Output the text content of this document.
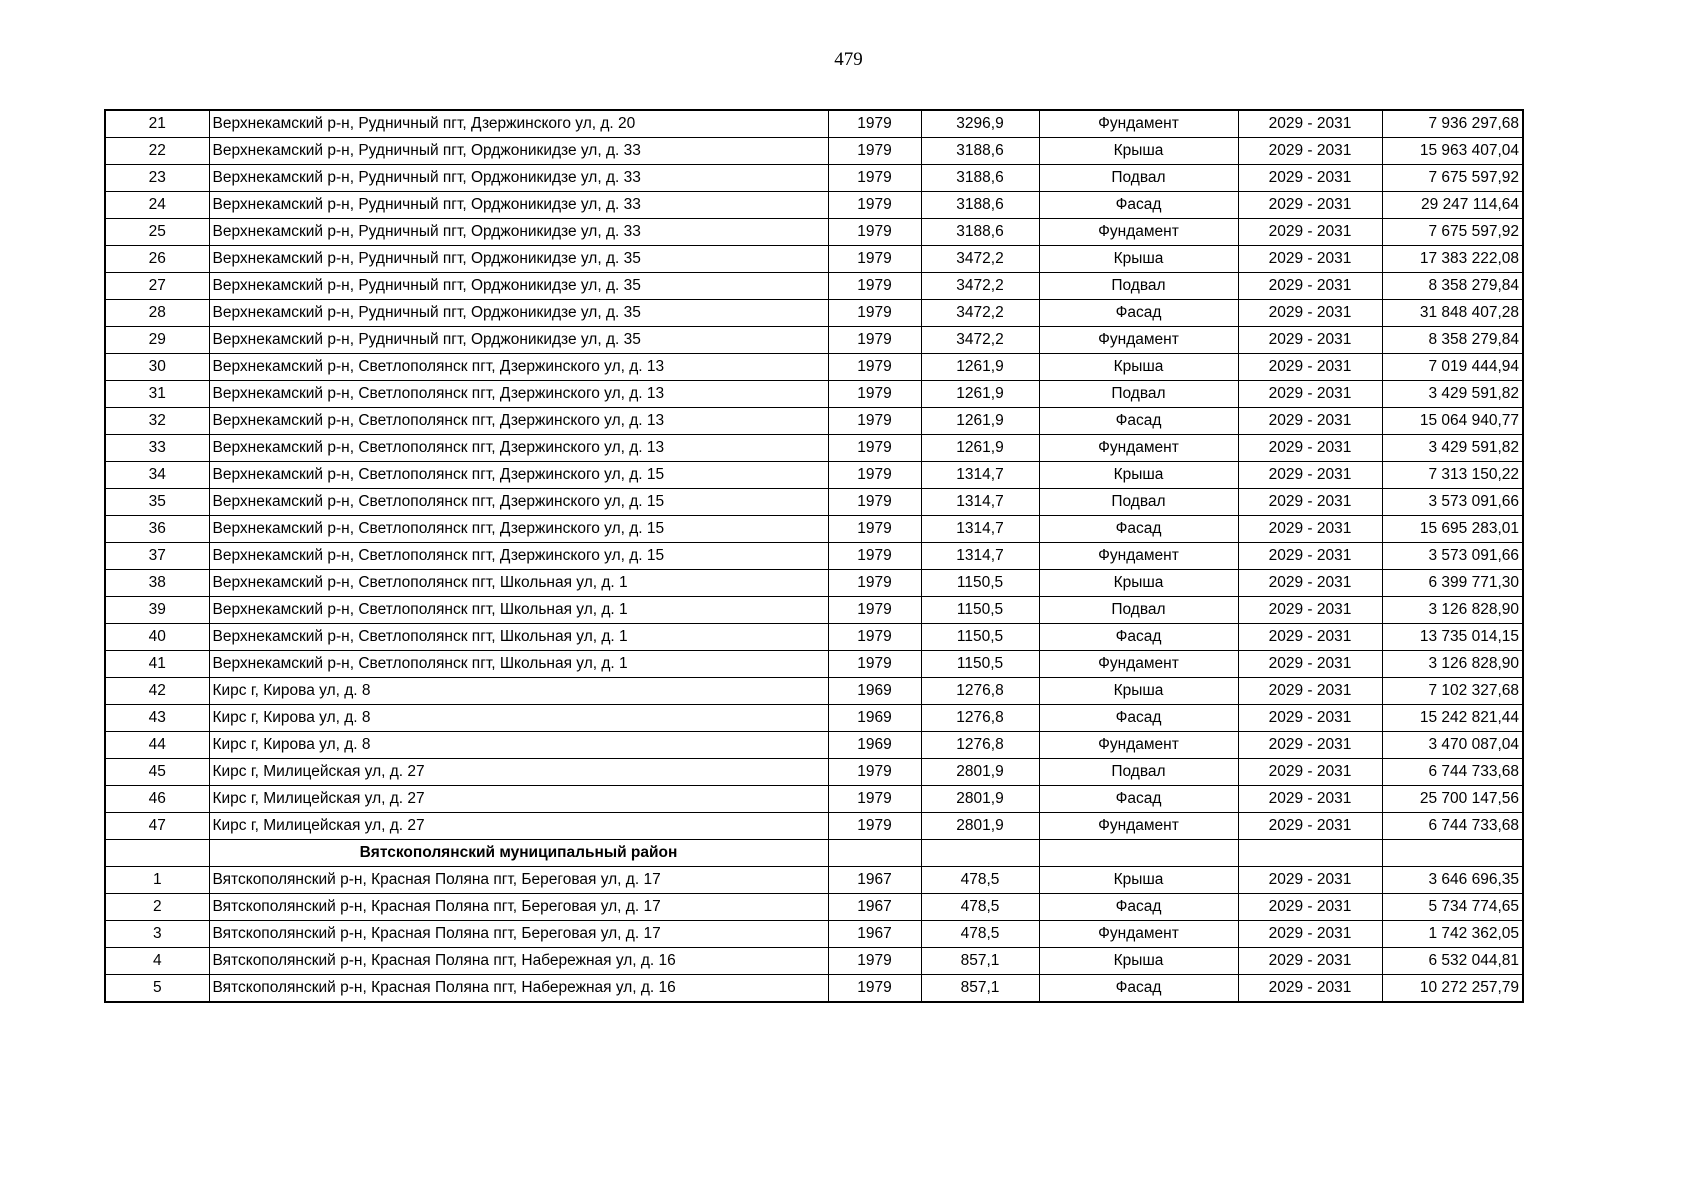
479
21	Верхнекамский р-н, Рудничный пгт, Дзержинского ул, д. 20	1979	3296,9	Фундамент	2029 - 2031	7 936 297,68
22	Верхнекамский р-н, Рудничный пгт, Орджоникидзе ул, д. 33	1979	3188,6	Крыша	2029 - 2031	15 963 407,04
23	Верхнекамский р-н, Рудничный пгт, Орджоникидзе ул, д. 33	1979	3188,6	Подвал	2029 - 2031	7 675 597,92
24	Верхнекамский р-н, Рудничный пгт, Орджоникидзе ул, д. 33	1979	3188,6	Фасад	2029 - 2031	29 247 114,64
25	Верхнекамский р-н, Рудничный пгт, Орджоникидзе ул, д. 33	1979	3188,6	Фундамент	2029 - 2031	7 675 597,92
26	Верхнекамский р-н, Рудничный пгт, Орджоникидзе ул, д. 35	1979	3472,2	Крыша	2029 - 2031	17 383 222,08
27	Верхнекамский р-н, Рудничный пгт, Орджоникидзе ул, д. 35	1979	3472,2	Подвал	2029 - 2031	8 358 279,84
28	Верхнекамский р-н, Рудничный пгт, Орджоникидзе ул, д. 35	1979	3472,2	Фасад	2029 - 2031	31 848 407,28
29	Верхнекамский р-н, Рудничный пгт, Орджоникидзе ул, д. 35	1979	3472,2	Фундамент	2029 - 2031	8 358 279,84
30	Верхнекамский р-н, Светлополянск пгт, Дзержинского ул, д. 13	1979	1261,9	Крыша	2029 - 2031	7 019 444,94
31	Верхнекамский р-н, Светлополянск пгт, Дзержинского ул, д. 13	1979	1261,9	Подвал	2029 - 2031	3 429 591,82
32	Верхнекамский р-н, Светлополянск пгт, Дзержинского ул, д. 13	1979	1261,9	Фасад	2029 - 2031	15 064 940,77
33	Верхнекамский р-н, Светлополянск пгт, Дзержинского ул, д. 13	1979	1261,9	Фундамент	2029 - 2031	3 429 591,82
34	Верхнекамский р-н, Светлополянск пгт, Дзержинского ул, д. 15	1979	1314,7	Крыша	2029 - 2031	7 313 150,22
35	Верхнекамский р-н, Светлополянск пгт, Дзержинского ул, д. 15	1979	1314,7	Подвал	2029 - 2031	3 573 091,66
36	Верхнекамский р-н, Светлополянск пгт, Дзержинского ул, д. 15	1979	1314,7	Фасад	2029 - 2031	15 695 283,01
37	Верхнекамский р-н, Светлополянск пгт, Дзержинского ул, д. 15	1979	1314,7	Фундамент	2029 - 2031	3 573 091,66
38	Верхнекамский р-н, Светлополянск пгт, Школьная ул, д. 1	1979	1150,5	Крыша	2029 - 2031	6 399 771,30
39	Верхнекамский р-н, Светлополянск пгт, Школьная ул, д. 1	1979	1150,5	Подвал	2029 - 2031	3 126 828,90
40	Верхнекамский р-н, Светлополянск пгт, Школьная ул, д. 1	1979	1150,5	Фасад	2029 - 2031	13 735 014,15
41	Верхнекамский р-н, Светлополянск пгт, Школьная ул, д. 1	1979	1150,5	Фундамент	2029 - 2031	3 126 828,90
42	Кирс г, Кирова ул, д. 8	1969	1276,8	Крыша	2029 - 2031	7 102 327,68
43	Кирс г, Кирова ул, д. 8	1969	1276,8	Фасад	2029 - 2031	15 242 821,44
44	Кирс г, Кирова ул, д. 8	1969	1276,8	Фундамент	2029 - 2031	3 470 087,04
45	Кирс г, Милицейская ул, д. 27	1979	2801,9	Подвал	2029 - 2031	6 744 733,68
46	Кирс г, Милицейская ул, д. 27	1979	2801,9	Фасад	2029 - 2031	25 700 147,56
47	Кирс г, Милицейская ул, д. 27	1979	2801,9	Фундамент	2029 - 2031	6 744 733,68
	Вятскополянский муниципальный район					
1	Вятскополянский р-н, Красная Поляна пгт, Береговая ул, д. 17	1967	478,5	Крыша	2029 - 2031	3 646 696,35
2	Вятскополянский р-н, Красная Поляна пгт, Береговая ул, д. 17	1967	478,5	Фасад	2029 - 2031	5 734 774,65
3	Вятскополянский р-н, Красная Поляна пгт, Береговая ул, д. 17	1967	478,5	Фундамент	2029 - 2031	1 742 362,05
4	Вятскополянский р-н, Красная Поляна пгт, Набережная ул, д. 16	1979	857,1	Крыша	2029 - 2031	6 532 044,81
5	Вятскополянский р-н, Красная Поляна пгт, Набережная ул, д. 16	1979	857,1	Фасад	2029 - 2031	10 272 257,79
